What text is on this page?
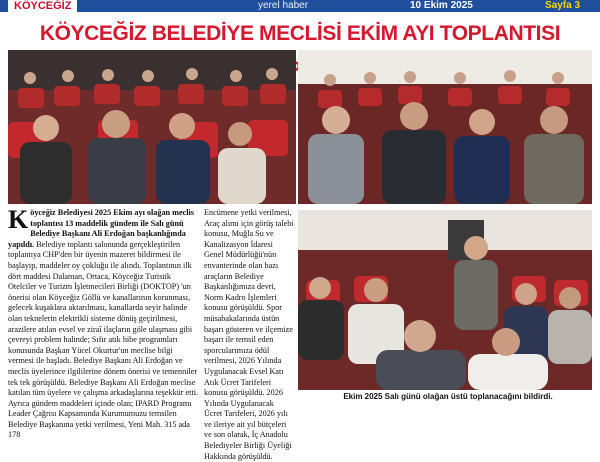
KÖYCEĞİZ	yerel haber	10 Ekim 2025	Sayfa 3
KÖYCEĞİZ BELEDİYE MECLİSİ EKİM AYI TOPLANTISI

K öyceğiz Belediyesi 2025 Ekim ayı olağan meclis toplantısı 13 maddelik gündem ile Salı günü Belediye Başkanı Ali Erdoğan başkanlığında yapıldı. Belediye toplantı salonunda gerçekleştirilen toplantıya CHP'den bir üyenin mazeret bildirmesi ile başlayıp, maddeler oy çokluğu ile alındı. Toplantının ilk dört maddesi Dalaman, Ortaca, Köyceğiz Turistik Otelciler ve Turizm İşletmecileri Birliği (DOKTOP) 'un önerisi olan Köyceğiz Göllü ve kanallarının korunması, gelecek kuşaklara aktarılması, kanallarda seyir halinde olan teknelerin elektrikli sisteme dönüş geçirilmesi, arazilere atılan evsel ve ziraî ilaçların göle ulaşması gibi çevreyi problem halinde; Sıfır atık hibe programları konusunda Başkan Yücel Okurtur'un meclise bilgi vermesi ile başladı. Belediye Başkanı Ali Erdoğan ve meclis üyelerince ilgililerine dönem önerisi ve temenniler tek tek görüşüldü. Belediye Başkanı Ali Erdoğan meclise katılan tüm üyelere ve çalışma arkadaşlarına teşekkür etti.

Ayrıca gündem maddeleri içinde olan; IPARD Programı Leader Çağrısı Kapsamında Kurumumuzu temsilen Belediye Başkanına yetki verilmesi, Yeni Mah. 315 ada 178

Encümene yetki verilmesi, Araç alımı için görüş talebi konusu, Muğla Su ve Kanalizasyon İdaresi Genel Müdürlüğü'nün envanterinde olan bazı araçların Belediye Başkanlığımıza devri, Norm Kadro İşlemleri konusu görüşüldü. Spor müsabakalarında üstün başarı gösteren ve ilçemize başarı ile temsil eden sporcularımıza ödül verilmesi, 2026 Yılında Uygulanacak Evsel Katı Atık Ücret Tarifeleri konusu görüşüldü. 2026 Yılında Uygulanacak Ücret Tarifeleri, 2026 yılı ve ileriye ait yıl bütçeleri ve son olarak, İç Anadolu Belediyeler Birliği Üyeliği Hakkında görüşüldü.

Ekim 2025 Salı günü olağan üstü toplanacağını bildirdi.
